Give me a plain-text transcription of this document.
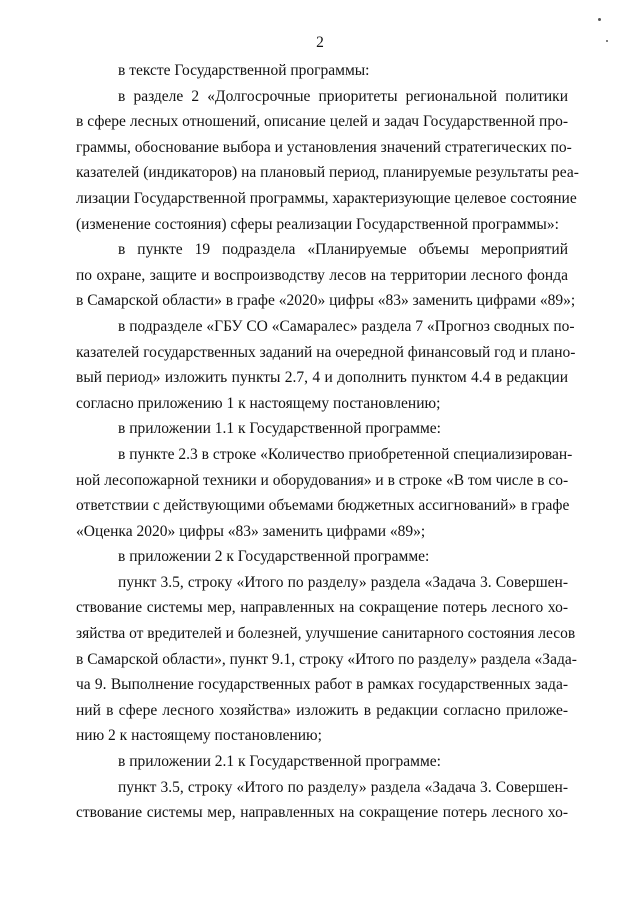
2
в тексте Государственной программы:
в разделе 2 «Долгосрочные приоритеты региональной политики
в сфере лесных отношений, описание целей и задач Государственной про-
граммы, обоснование выбора и установления значений стратегических по-
казателей (индикаторов) на плановый период, планируемые результаты реа-
лизации Государственной программы, характеризующие целевое состояние
(изменение состояния) сферы реализации Государственной программы»:
в пункте 19 подраздела «Планируемые объемы мероприятий
по охране, защите и воспроизводству лесов на территории лесного фонда
в Самарской области» в графе «2020» цифры «83» заменить цифрами «89»;
в подразделе «ГБУ СО «Самаралес» раздела 7 «Прогноз сводных по-
казателей государственных заданий на очередной финансовый год и плано-
вый период» изложить пункты 2.7, 4 и дополнить пунктом 4.4 в редакции
согласно приложению 1 к настоящему постановлению;
в приложении 1.1 к Государственной программе:
в пункте 2.3 в строке «Количество приобретенной специализирован-
ной лесопожарной техники и оборудования» и в строке «В том числе в со-
ответствии с действующими объемами бюджетных ассигнований» в графе
«Оценка 2020» цифры «83» заменить цифрами «89»;
в приложении 2 к Государственной программе:
пункт 3.5, строку «Итого по разделу» раздела «Задача 3. Совершен-
ствование системы мер, направленных на сокращение потерь лесного хо-
зяйства от вредителей и болезней, улучшение санитарного состояния лесов
в Самарской области», пункт 9.1, строку «Итого по разделу» раздела «Зада-
ча 9. Выполнение государственных работ в рамках государственных зада-
ний в сфере лесного хозяйства» изложить в редакции согласно приложе-
нию 2 к настоящему постановлению;
в приложении 2.1 к Государственной программе:
пункт 3.5, строку «Итого по разделу» раздела «Задача 3. Совершен-
ствование системы мер, направленных на сокращение потерь лесного хо-
